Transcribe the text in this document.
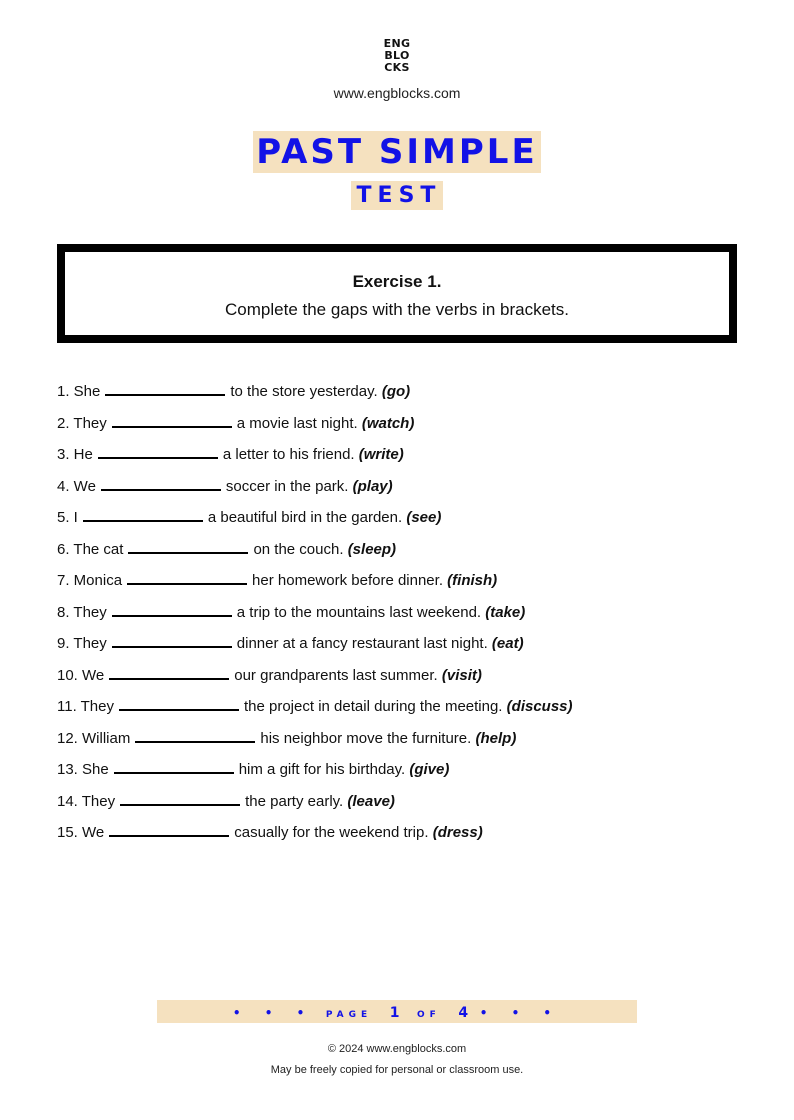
ENG
BLO
CKS
www.engblocks.com
PAST SIMPLE
TEST
Exercise 1.
Complete the gaps with the verbs in brackets.
1. She	to the store yesterday. (go)
2. They	a movie last night. (watch)
3. He	a letter to his friend. (write)
4. We	soccer in the park. (play)
5. I	a beautiful bird in the garden. (see)
6. The cat	on the couch. (sleep)
7. Monica	her homework before dinner. (finish)
8. They	a trip to the mountains last weekend. (take)
9. They	dinner at a fancy restaurant last night. (eat)
10. We	our grandparents last summer. (visit)
11. They	the project in detail during the meeting. (discuss)
12. William	his neighbor move the furniture. (help)
13. She	him a gift for his birthday. (give)
14. They	the party early. (leave)
15. We	casually for the weekend trip. (dress)
• • • PAGE 1 OF 4 • • •
© 2024 www.engblocks.com
May be freely copied for personal or classroom use.
